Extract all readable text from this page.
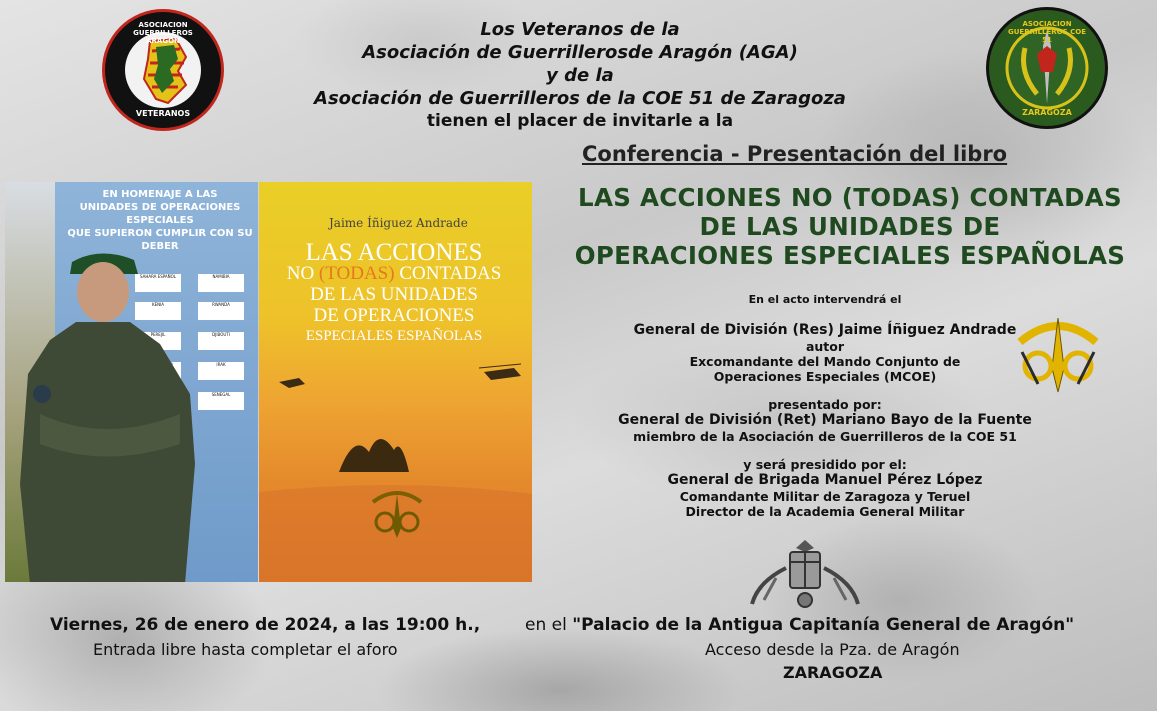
ASOCIACION GUERRILLEROS ARAGON
VETERANOS
ASOCIACION GUERRILLEROS COE 51
ZARAGOZA
Los Veteranos de la
Asociación de Guerrillerosde Aragón (AGA)
y de la
Asociación de Guerrilleros de la COE 51 de Zaragoza
tienen el placer de invitarle a la
Conferencia - Presentación del libro
LAS ACCIONES NO (TODAS) CONTADAS
DE LAS UNIDADES DE
OPERACIONES ESPECIALES ESPAÑOLAS
EN HOMENAJE A LAS
UNIDADES DE OPERACIONES ESPECIALES
QUE SUPIERON CUMPLIR CON SU DEBER
SAHARA ESPAÑOL	NAMIBIA
KENIA	RWANDA
PEREJIL	DJIBOUTI
IRAK
SENEGAL
Jaime Íñiguez Andrade
LAS ACCIONES
NO (TODAS) CONTADAS
DE LAS UNIDADES
DE OPERACIONES
ESPECIALES ESPAÑOLAS
En el acto intervendrá el
General de División (Res) Jaime Íñiguez Andrade
autor
Excomandante del Mando Conjunto de
Operaciones Especiales (MCOE)
presentado por:
General de División (Ret) Mariano Bayo de la Fuente
miembro de la Asociación de Guerrilleros de la COE 51
y será presidido por el:
General de Brigada Manuel Pérez López
Comandante Militar de Zaragoza y Teruel
Director de la Academia General Militar
Viernes, 26 de enero de 2024, a las 19:00 h.,
Entrada libre hasta completar el aforo
en el "Palacio de la Antigua Capitanía General de Aragón"
Acceso desde la Pza. de Aragón
ZARAGOZA
